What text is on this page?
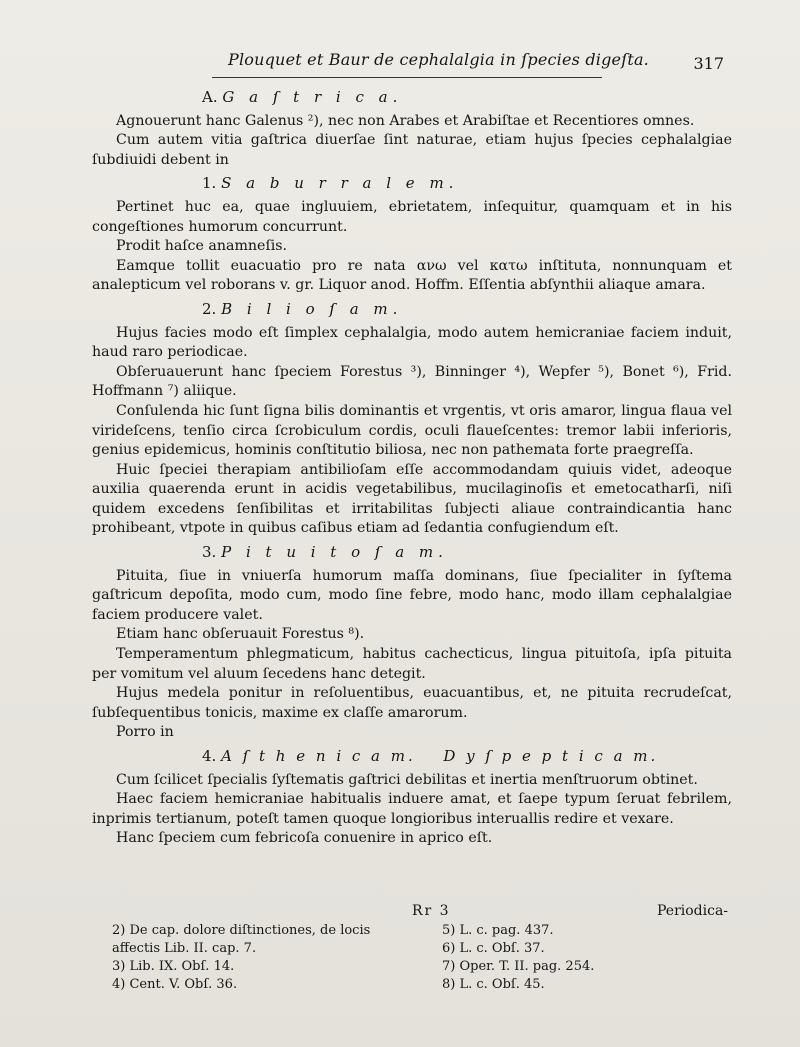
Plouquet et Baur de cephalalgia in ſpecies digeſta.	317
A. G a ſ t r i c a.

Agnouerunt hanc Galenus ²), nec non Arabes et Arabiſtae et Recentiores omnes.

Cum autem vitia gaſtrica diuerſae ſint naturae, etiam hujus ſpecies cephalalgiae ſubdiuidi debent in

1. S a b u r r a l e m.

Pertinet huc ea, quae ingluuiem, ebrietatem, inſequitur, quamquam et in his congeſtiones humorum concurrunt.

Prodit haſce anamneſis.

Eamque tollit euacuatio pro re nata ανω vel κατω inſtituta, nonnunquam et analepticum vel roborans v. gr. Liquor anod. Hoffm. Eſſentia abſynthii aliaque amara.

2. B i l i o ſ a m.

Hujus facies modo eſt ſimplex cephalalgia, modo autem hemicraniae faciem induit, haud raro periodicae.

Obſeruauerunt hanc ſpeciem Forestus ³), Binninger ⁴), Wepfer ⁵), Bonet ⁶), Frid. Hoffmann ⁷) aliique.

Conſulenda hic ſunt ſigna bilis dominantis et vrgentis, vt oris amaror, lingua flaua vel virideſcens, tenſio circa ſcrobiculum cordis, oculi flaueſcentes: tremor labii inferioris, genius epidemicus, hominis conſtitutio biliosa, nec non pathemata forte praegreſſa.

Huic ſpeciei therapiam antibilioſam eſſe accommodandam quiuis videt, adeoque auxilia quaerenda erunt in acidis vegetabilibus, mucilaginoſis et emetocatharſi, niſi quidem excedens ſenſibilitas et irritabilitas ſubjecti aliaue contraindicantia hanc prohibeant, vtpote in quibus caſibus etiam ad ſedantia confugiendum eſt.

3. P i t u i t o ſ a m.

Pituita, ſiue in vniuerſa humorum maſſa dominans, ſiue ſpecialiter in ſyſtema gaſtricum depoſita, modo cum, modo ſine febre, modo hanc, modo illam cephalalgiae faciem producere valet.

Etiam hanc obſeruauit Forestus ⁸).

Temperamentum phlegmaticum, habitus cachecticus, lingua pituitoſa, ipſa pituita per vomitum vel aluum ſecedens hanc detegit.

Hujus medela ponitur in reſoluentibus, euacuantibus, et, ne pituita recrudeſcat, ſubſequentibus tonicis, maxime ex claſſe amarorum.

Porro in

4. A ſ t h e n i c a m. D y ſ p e p t i c a m.

Cum ſcilicet ſpecialis ſyſtematis gaſtrici debilitas et inertia menſtruorum obtinet.

Haec faciem hemicraniae habitualis induere amat, et ſaepe typum ſeruat febrilem, inprimis tertianum, poteſt tamen quoque longioribus interuallis redire et vexare.

Hanc ſpeciem cum febricoſa conuenire in aprico eſt.

Rr 3	Periodica-
2) De cap. dolore diſtinctiones, de locis
affectis Lib. II. cap. 7.
3) Lib. IX. Obſ. 14.
4) Cent. V. Obſ. 36.
5) L. c. pag. 437.
6) L. c. Obſ. 37.
7) Oper. T. II. pag. 254.
8) L. c. Obſ. 45.
